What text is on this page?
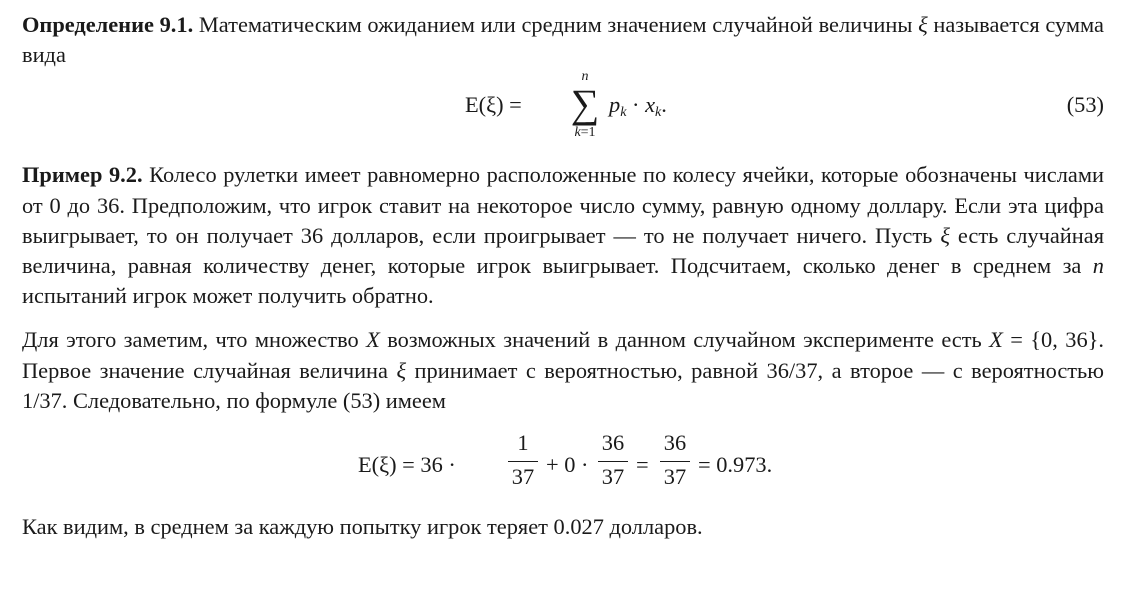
Определение 9.1. Математическим ожиданием или средним значением случайной величины ξ называется сумма вида

E(ξ) =
n
∑
k=1
$p_k \cdot x_k$.	(53)

Пример 9.2. Колесо рулетки имеет равномерно расположенные по колесу ячейки, которые обозначены числами от 0 до 36. Предположим, что игрок ставит на некоторое число сумму, равную одному доллару. Если эта цифра выигрывает, то он получает 36 долларов, если проигрывает — то не получает ничего. Пусть ξ есть случайная величина, равная количеству денег, которые игрок выигрывает. Подсчитаем, сколько денег в среднем за n испытаний игрок может получить обратно.

Для этого заметим, что множество X возможных значений в данном случайном эксперименте есть X = {0, 36}. Первое значение случайная величина ξ принимает с вероятностью, равной 36/37, а второе — с вероятностью 1/37. Следовательно, по формуле (53) имеем

E(ξ) = 36 ·
1
37 + 0 ·
36
37 =
36
37 = 0.973.

Как видим, в среднем за каждую попытку игрок теряет 0.027 долларов.
